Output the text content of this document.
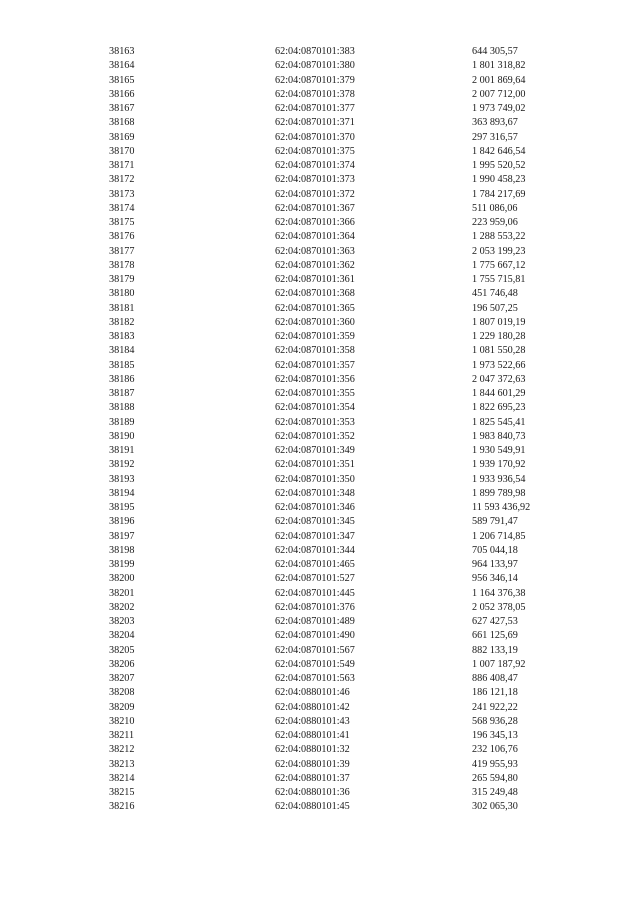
38163	62:04:0870101:383	644 305,57
38164	62:04:0870101:380	1 801 318,82
38165	62:04:0870101:379	2 001 869,64
38166	62:04:0870101:378	2 007 712,00
38167	62:04:0870101:377	1 973 749,02
38168	62:04:0870101:371	363 893,67
38169	62:04:0870101:370	297 316,57
38170	62:04:0870101:375	1 842 646,54
38171	62:04:0870101:374	1 995 520,52
38172	62:04:0870101:373	1 990 458,23
38173	62:04:0870101:372	1 784 217,69
38174	62:04:0870101:367	511 086,06
38175	62:04:0870101:366	223 959,06
38176	62:04:0870101:364	1 288 553,22
38177	62:04:0870101:363	2 053 199,23
38178	62:04:0870101:362	1 775 667,12
38179	62:04:0870101:361	1 755 715,81
38180	62:04:0870101:368	451 746,48
38181	62:04:0870101:365	196 507,25
38182	62:04:0870101:360	1 807 019,19
38183	62:04:0870101:359	1 229 180,28
38184	62:04:0870101:358	1 081 550,28
38185	62:04:0870101:357	1 973 522,66
38186	62:04:0870101:356	2 047 372,63
38187	62:04:0870101:355	1 844 601,29
38188	62:04:0870101:354	1 822 695,23
38189	62:04:0870101:353	1 825 545,41
38190	62:04:0870101:352	1 983 840,73
38191	62:04:0870101:349	1 930 549,91
38192	62:04:0870101:351	1 939 170,92
38193	62:04:0870101:350	1 933 936,54
38194	62:04:0870101:348	1 899 789,98
38195	62:04:0870101:346	11 593 436,92
38196	62:04:0870101:345	589 791,47
38197	62:04:0870101:347	1 206 714,85
38198	62:04:0870101:344	705 044,18
38199	62:04:0870101:465	964 133,97
38200	62:04:0870101:527	956 346,14
38201	62:04:0870101:445	1 164 376,38
38202	62:04:0870101:376	2 052 378,05
38203	62:04:0870101:489	627 427,53
38204	62:04:0870101:490	661 125,69
38205	62:04:0870101:567	882 133,19
38206	62:04:0870101:549	1 007 187,92
38207	62:04:0870101:563	886 408,47
38208	62:04:0880101:46	186 121,18
38209	62:04:0880101:42	241 922,22
38210	62:04:0880101:43	568 936,28
38211	62:04:0880101:41	196 345,13
38212	62:04:0880101:32	232 106,76
38213	62:04:0880101:39	419 955,93
38214	62:04:0880101:37	265 594,80
38215	62:04:0880101:36	315 249,48
38216	62:04:0880101:45	302 065,30
